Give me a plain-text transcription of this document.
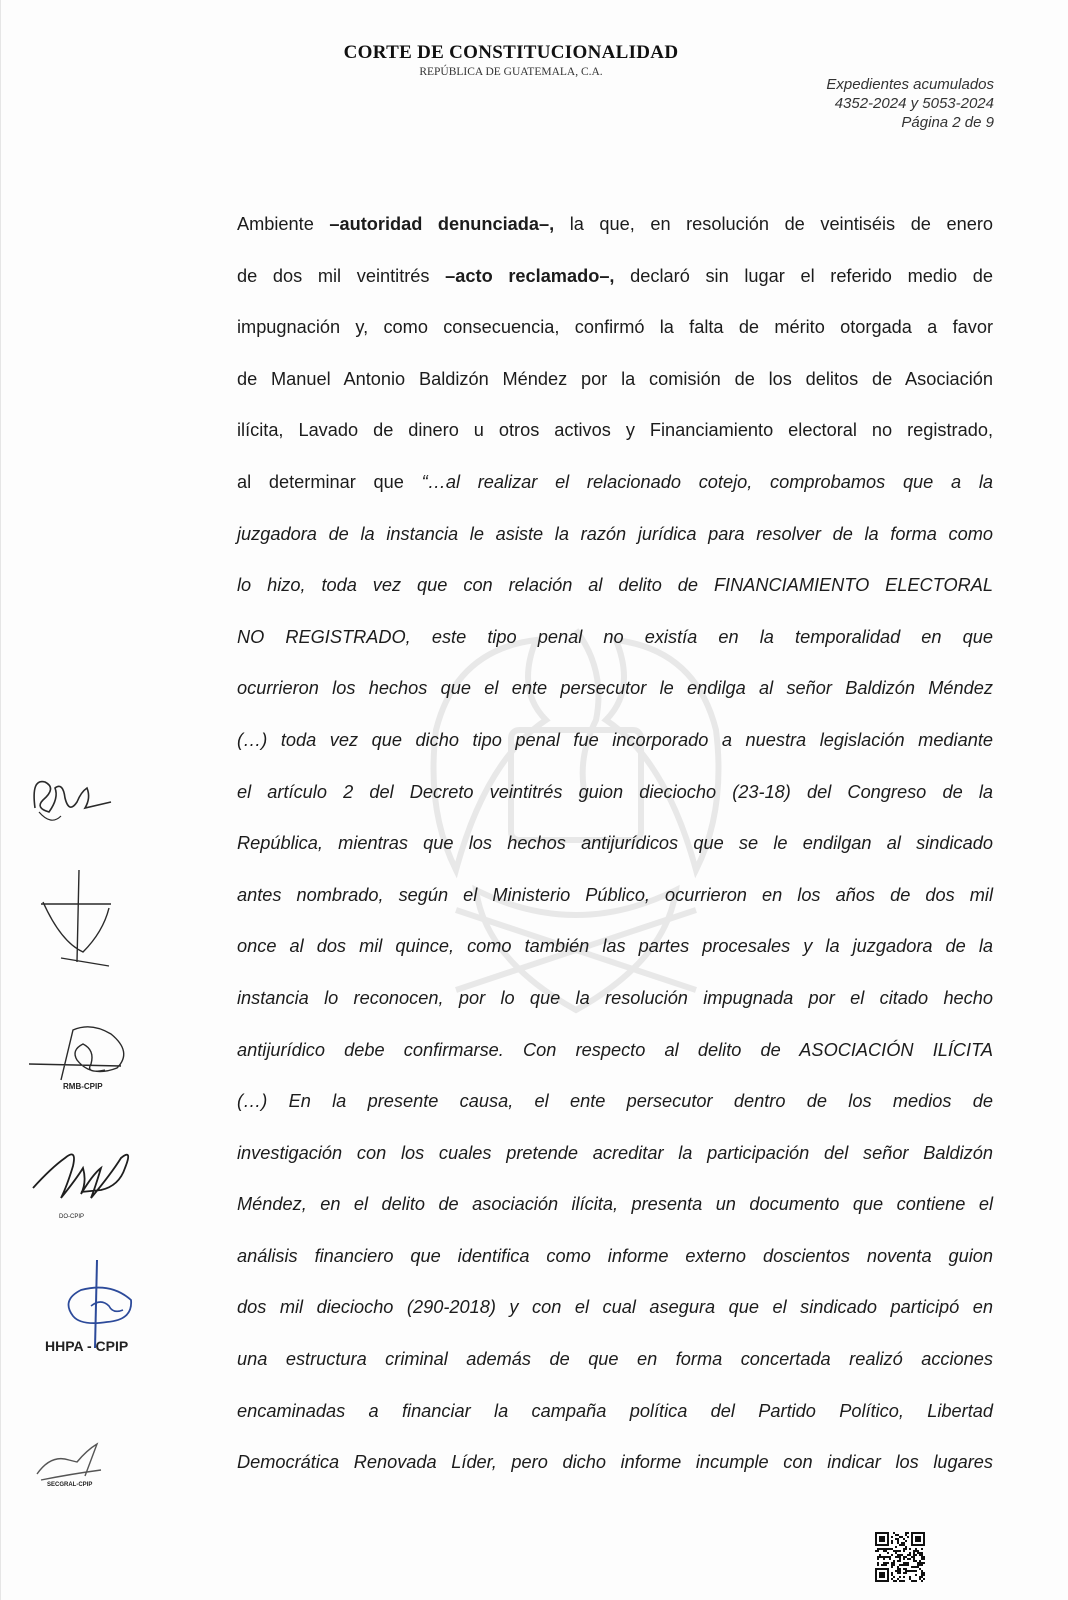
CORTE DE CONSTITUCIONALIDAD
REPÚBLICA DE GUATEMALA, C.A.
Expedientes acumulados
4352-2024 y 5053-2024
Página 2 de 9
Ambiente –autoridad denunciada–, la que, en resolución de veintiséis de enero
de dos mil veintitrés –acto reclamado–, declaró sin lugar el referido medio de
impugnación y, como consecuencia, confirmó la falta de mérito otorgada a favor
de Manuel Antonio Baldizón Méndez por la comisión de los delitos de Asociación
ilícita, Lavado de dinero u otros activos y Financiamiento electoral no registrado,
al determinar que “…al realizar el relacionado cotejo, comprobamos que a la
juzgadora de la instancia le asiste la razón jurídica para resolver de la forma como
lo hizo, toda vez que con relación al delito de FINANCIAMIENTO ELECTORAL
NO REGISTRADO, este tipo penal no existía en la temporalidad en que
ocurrieron los hechos que el ente persecutor le endilga al señor Baldizón Méndez
(…) toda vez que dicho tipo penal fue incorporado a nuestra legislación mediante
el artículo 2 del Decreto veintitrés guion dieciocho (23-18) del Congreso de la
República, mientras que los hechos antijurídicos que se le endilgan al sindicado
antes nombrado, según el Ministerio Público, ocurrieron en los años de dos mil
once al dos mil quince, como también las partes procesales y la juzgadora de la
instancia lo reconocen, por lo que la resolución impugnada por el citado hecho
antijurídico debe confirmarse. Con respecto al delito de ASOCIACIÓN ILÍCITA
(…) En la presente causa, el ente persecutor dentro de los medios de
investigación con los cuales pretende acreditar la participación del señor Baldizón
Méndez, en el delito de asociación ilícita, presenta un documento que contiene el
análisis financiero que identifica como informe externo doscientos noventa guion
dos mil dieciocho (290-2018) y con el cual asegura que el sindicado participó en
una estructura criminal además de que en forma concertada realizó acciones
encaminadas a financiar la campaña política del Partido Político, Libertad
Democrática Renovada Líder, pero dicho informe incumple con indicar los lugares
RMB-CPIP
DO-CPIP
HHPA - CPIP
SECGRAL-CPIP
